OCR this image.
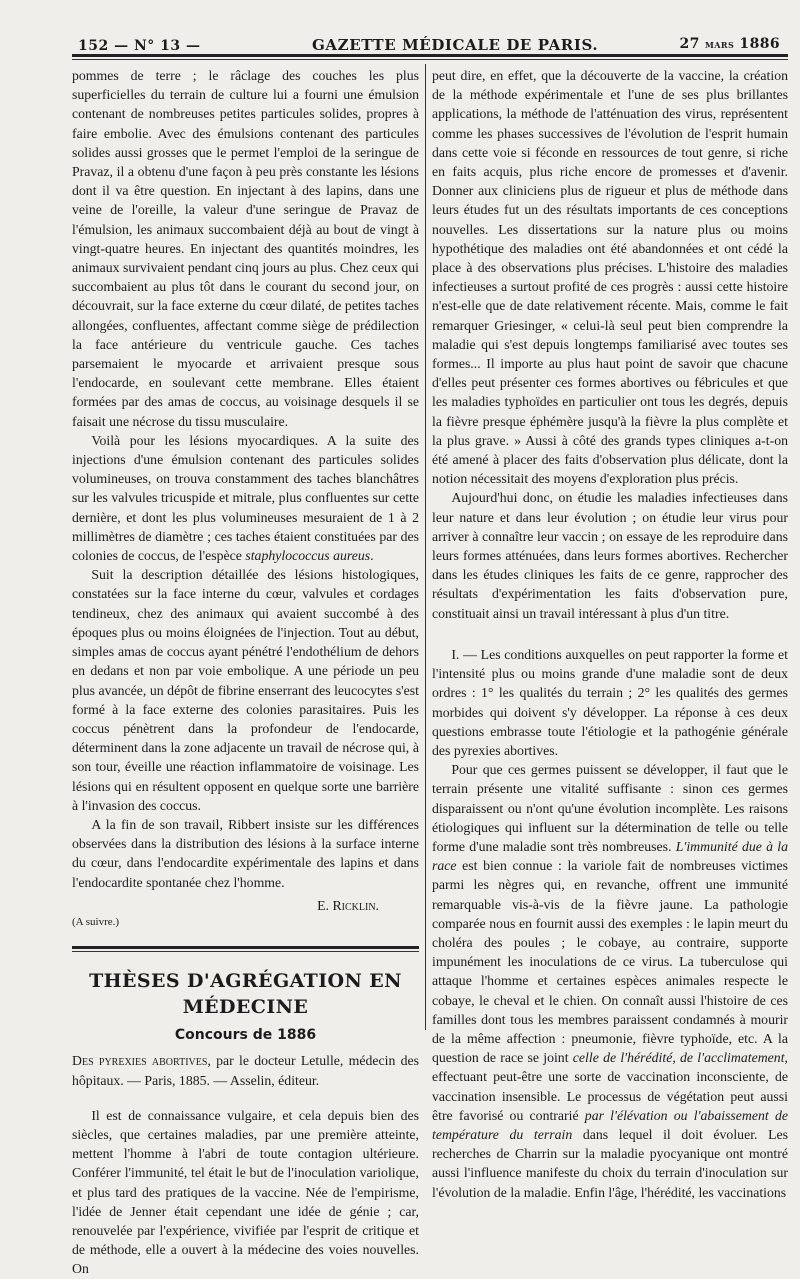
152 — N° 13 —	GAZETTE MÉDICALE DE PARIS.	27 mars 1886

pommes de terre ; le râclage des couches les plus superficielles du terrain de culture lui a fourni une émulsion contenant de nombreuses petites particules solides, propres à faire embolie. Avec des émulsions contenant des particules solides aussi grosses que le permet l'emploi de la seringue de Pravaz, il a obtenu d'une façon à peu près constante les lésions dont il va être question. En injectant à des lapins, dans une veine de l'oreille, la valeur d'une seringue de Pravaz de l'émulsion, les animaux succombaient déjà au bout de vingt à vingt-quatre heures. En injectant des quantités moindres, les animaux survivaient pendant cinq jours au plus. Chez ceux qui succombaient au plus tôt dans le courant du second jour, on découvrait, sur la face externe du cœur dilaté, de petites taches allongées, confluentes, affectant comme siège de prédilection la face antérieure du ventricule gauche. Ces taches parsemaient le myocarde et arrivaient presque sous l'endocarde, en soulevant cette membrane. Elles étaient formées par des amas de coccus, au voisinage desquels il se faisait une nécrose du tissu musculaire.

Voilà pour les lésions myocardiques. A la suite des injections d'une émulsion contenant des particules solides volumineuses, on trouva constamment des taches blanchâtres sur les valvules tricuspide et mitrale, plus confluentes sur cette dernière, et dont les plus volumineuses mesuraient de 1 à 2 millimètres de diamètre ; ces taches étaient constituées par des colonies de coccus, de l'espèce staphylococcus aureus.

Suit la description détaillée des lésions histologiques, constatées sur la face interne du cœur, valvules et cordages tendineux, chez des animaux qui avaient succombé à des époques plus ou moins éloignées de l'injection. Tout au début, simples amas de coccus ayant pénétré l'endothélium de dehors en dedans et non par voie embolique. A une période un peu plus avancée, un dépôt de fibrine enserrant des leucocytes s'est formé à la face externe des colonies parasitaires. Puis les coccus pénètrent dans la profondeur de l'endocarde, déterminent dans la zone adjacente un travail de nécrose qui, à son tour, éveille une réaction inflammatoire de voisinage. Les lésions qui en résultent opposent en quelque sorte une barrière à l'invasion des coccus.

A la fin de son travail, Ribbert insiste sur les différences observées dans la distribution des lésions à la surface interne du cœur, dans l'endocardite expérimentale des lapins et dans l'endocardite spontanée chez l'homme.

E. Ricklin.

(A suivre.)

THÈSES D'AGRÉGATION EN MÉDECINE

Concours de 1886

Des pyrexies abortives, par le docteur Letulle, médecin des hôpitaux. — Paris, 1885. — Asselin, éditeur.

Il est de connaissance vulgaire, et cela depuis bien des siècles, que certaines maladies, par une première atteinte, mettent l'homme à l'abri de toute contagion ultérieure. Conférer l'immunité, tel était le but de l'inoculation variolique, et plus tard des pratiques de la vaccine. Née de l'empirisme, l'idée de Jenner était cependant une idée de génie ; car, renouvelée par l'expérience, vivifiée par l'esprit de critique et de méthode, elle a ouvert à la médecine des voies nouvelles. On

peut dire, en effet, que la découverte de la vaccine, la création de la méthode expérimentale et l'une de ses plus brillantes applications, la méthode de l'atténuation des virus, représentent comme les phases successives de l'évolution de l'esprit humain dans cette voie si féconde en ressources de tout genre, si riche en faits acquis, plus riche encore de promesses et d'avenir. Donner aux cliniciens plus de rigueur et plus de méthode dans leurs études fut un des résultats importants de ces conceptions nouvelles. Les dissertations sur la nature plus ou moins hypothétique des maladies ont été abandonnées et ont cédé la place à des observations plus précises. L'histoire des maladies infectieuses a surtout profité de ces progrès : aussi cette histoire n'est-elle que de date relativement récente. Mais, comme le fait remarquer Griesinger, « celui-là seul peut bien comprendre la maladie qui s'est depuis longtemps familiarisé avec toutes ses formes... Il importe au plus haut point de savoir que chacune d'elles peut présenter ces formes abortives ou fébricules et que les maladies typhoïdes en particulier ont tous les degrés, depuis la fièvre presque éphémère jusqu'à la fièvre la plus complète et la plus grave. » Aussi à côté des grands types cliniques a-t-on été amené à placer des faits d'observation plus délicate, dont la notion nécessitait des moyens d'exploration plus précis.

Aujourd'hui donc, on étudie les maladies infectieuses dans leur nature et dans leur évolution ; on étudie leur virus pour arriver à connaître leur vaccin ; on essaye de les reproduire dans leurs formes atténuées, dans leurs formes abortives. Rechercher dans les études cliniques les faits de ce genre, rapprocher des résultats d'expérimentation les faits d'observation pure, constituait ainsi un travail intéressant à plus d'un titre.

I. — Les conditions auxquelles on peut rapporter la forme et l'intensité plus ou moins grande d'une maladie sont de deux ordres : 1° les qualités du terrain ; 2° les qualités des germes morbides qui doivent s'y développer. La réponse à ces deux questions embrasse toute l'étiologie et la pathogénie générale des pyrexies abortives.

Pour que ces germes puissent se développer, il faut que le terrain présente une vitalité suffisante : sinon ces germes disparaissent ou n'ont qu'une évolution incomplète. Les raisons étiologiques qui influent sur la détermination de telle ou telle forme d'une maladie sont très nombreuses. L'immunité due à la race est bien connue : la variole fait de nombreuses victimes parmi les nègres qui, en revanche, offrent une immunité remarquable vis-à-vis de la fièvre jaune. La pathologie comparée nous en fournit aussi des exemples : le lapin meurt du choléra des poules ; le cobaye, au contraire, supporte impunément les inoculations de ce virus. La tuberculose qui attaque l'homme et certaines espèces animales respecte le cobaye, le cheval et le chien. On connaît aussi l'histoire de ces familles dont tous les membres paraissent condamnés à mourir de la même affection : pneumonie, fièvre typhoïde, etc. A la question de race se joint celle de l'hérédité, de l'acclimatement, effectuant peut-être une sorte de vaccination inconsciente, de vaccination insensible. Le processus de végétation peut aussi être favorisé ou contrarié par l'élévation ou l'abaissement de température du terrain dans lequel il doit évoluer. Les recherches de Charrin sur la maladie pyocyanique ont montré aussi l'influence manifeste du choix du terrain d'inoculation sur l'évolution de la maladie. Enfin l'âge, l'hérédité, les vaccinations
